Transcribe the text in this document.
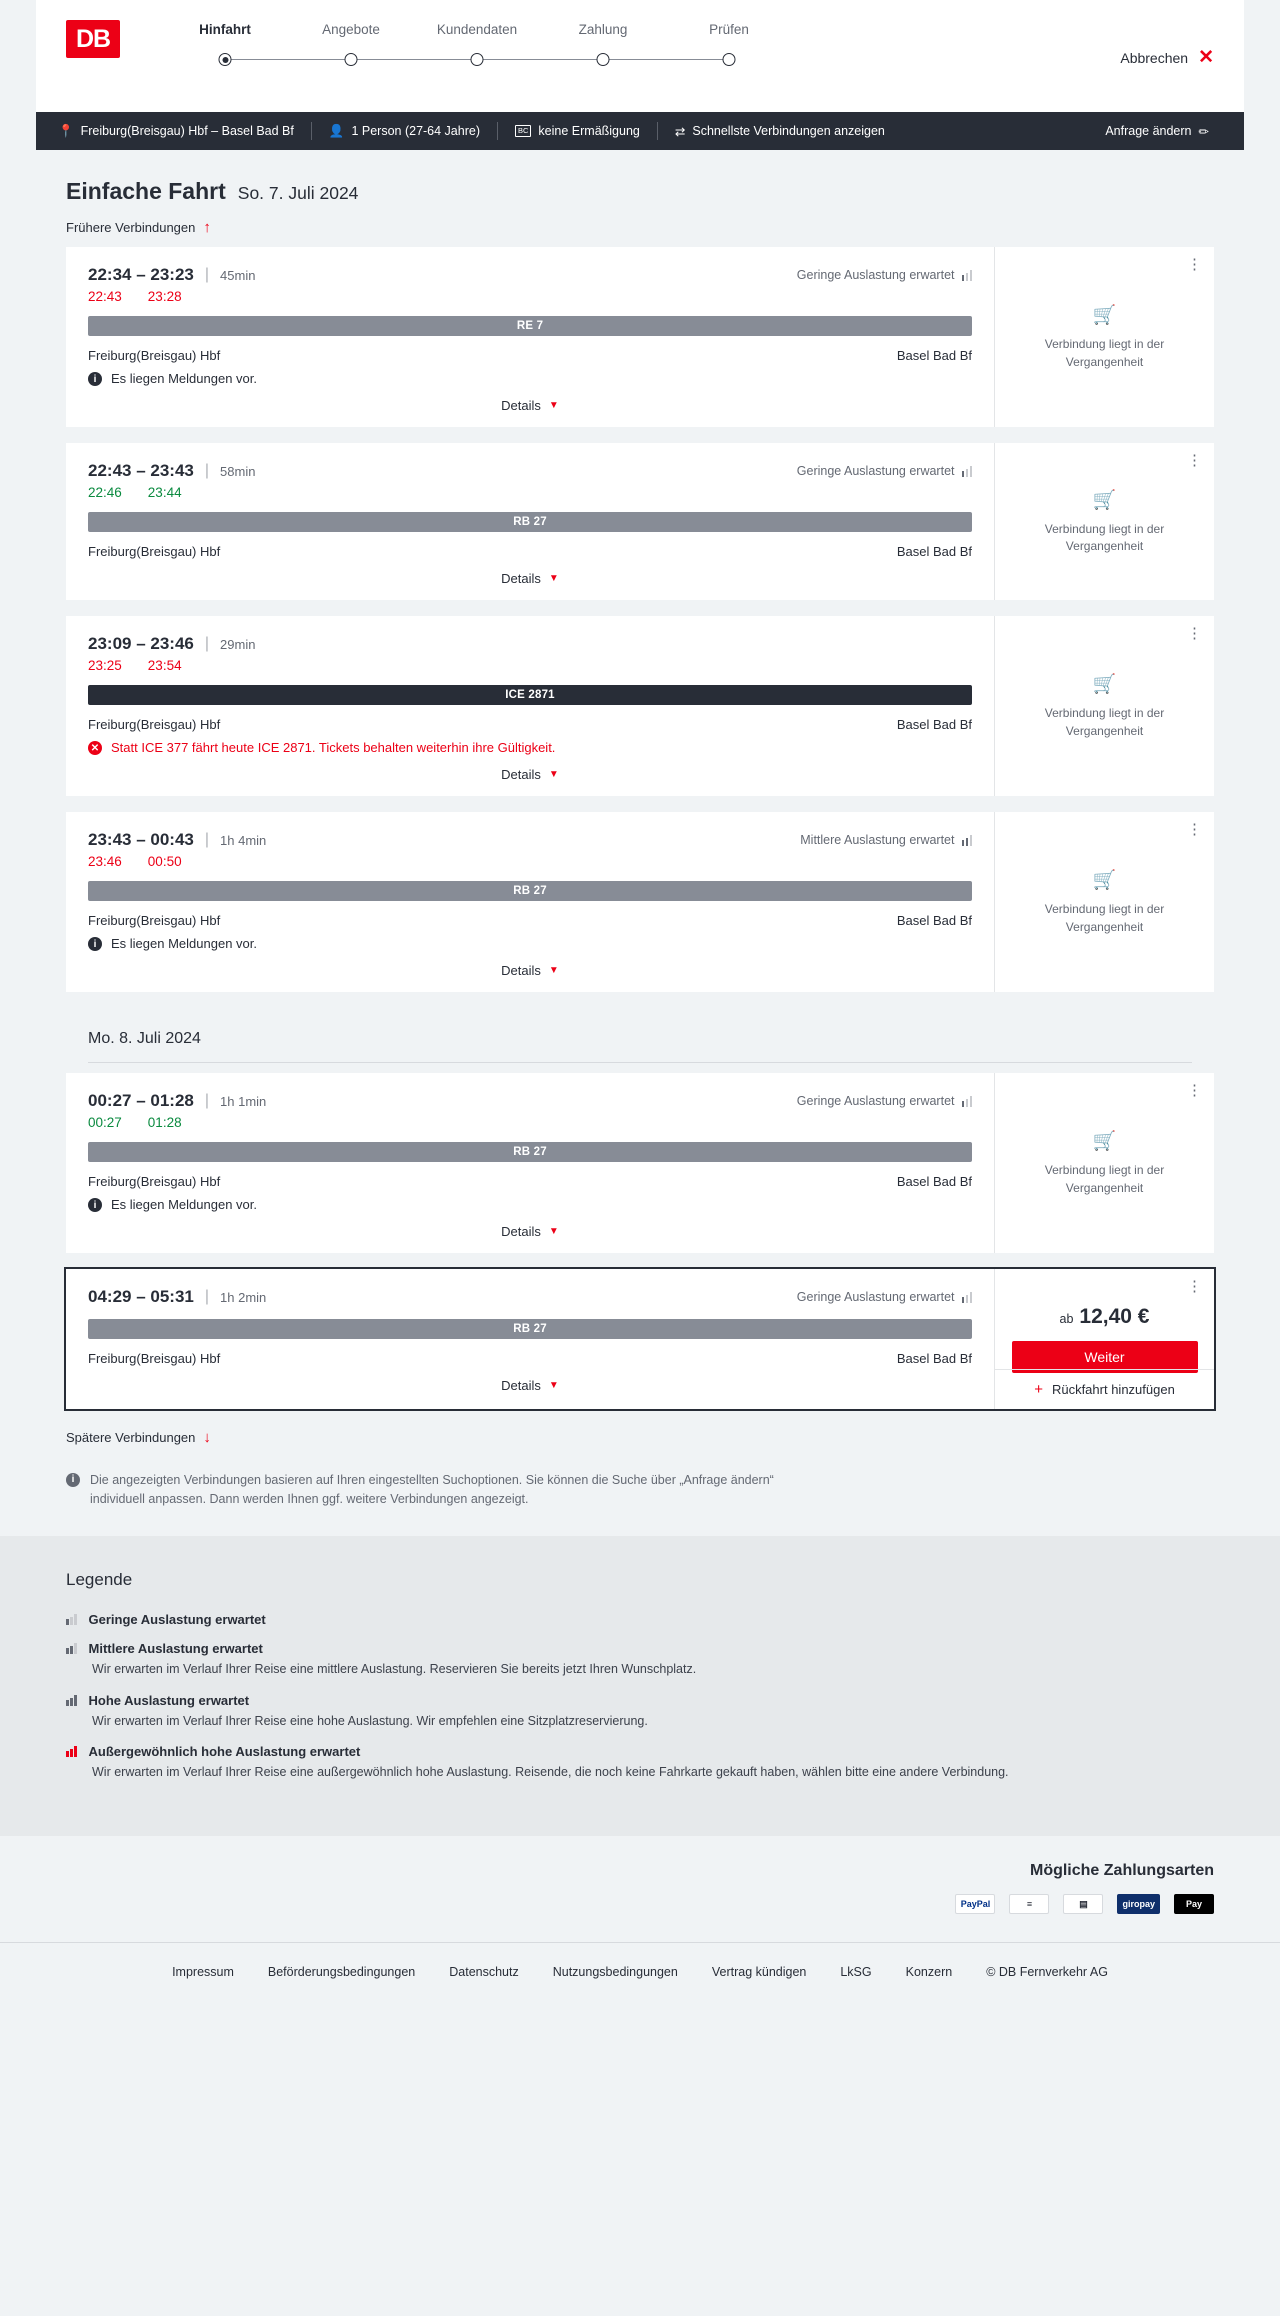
DB	Hinfahrt	Angebote	Kundendaten	Zahlung	Prüfen
Abbrechen ✕
📍 Freiburg(Breisgau) Hbf – Basel Bad Bf	👤 1 Person (27-64 Jahre)	BC keine Ermäßigung	⇄ Schnellste Verbindungen anzeigen	Anfrage ändern ✏
Einfache Fahrt So. 7. Juli 2024
Frühere Verbindungen ↑
22:34 – 23:23 | 45min	Geringe Auslastung erwartet
22:43 23:28
RE 7
Freiburg(Breisgau) Hbf	Basel Bad Bf
i	Es liegen Meldungen vor.
Details ▼
⋮
🛒
Verbindung liegt in der Vergangenheit
22:43 – 23:43 | 58min	Geringe Auslastung erwartet
22:46 23:44
RB 27
Freiburg(Breisgau) Hbf	Basel Bad Bf
Details ▼
⋮
🛒
Verbindung liegt in der Vergangenheit
23:09 – 23:46 | 29min
23:25 23:54
ICE 2871
Freiburg(Breisgau) Hbf	Basel Bad Bf
✕ Statt ICE 377 fährt heute ICE 2871. Tickets behalten weiterhin ihre Gültigkeit.
Details ▼
⋮
🛒
Verbindung liegt in der Vergangenheit
23:43 – 00:43 | 1h 4min	Mittlere Auslastung erwartet
23:46 00:50
RB 27
Freiburg(Breisgau) Hbf	Basel Bad Bf
i	Es liegen Meldungen vor.
Details ▼
⋮
🛒
Verbindung liegt in der Vergangenheit
Mo. 8. Juli 2024
00:27 – 01:28 | 1h 1min	Geringe Auslastung erwartet
00:27 01:28
RB 27
Freiburg(Breisgau) Hbf	Basel Bad Bf
i	Es liegen Meldungen vor.
Details ▼
⋮
🛒
Verbindung liegt in der Vergangenheit
04:29 – 05:31 | 1h 2min	Geringe Auslastung erwartet
RB 27
Freiburg(Breisgau) Hbf	Basel Bad Bf
Details ▼
⋮
ab 12,40 €
Weiter
+ Rückfahrt hinzufügen
Spätere Verbindungen ↓
i	Die angezeigten Verbindungen basieren auf Ihren eingestellten Suchoptionen. Sie können die Suche über „Anfrage ändern“ individuell anpassen. Dann werden Ihnen ggf. weitere Verbindungen angezeigt.
Legende
Geringe Auslastung erwartet
Mittlere Auslastung erwartet
Wir erwarten im Verlauf Ihrer Reise eine mittlere Auslastung. Reservieren Sie bereits jetzt Ihren Wunschplatz.
Hohe Auslastung erwartet
Wir erwarten im Verlauf Ihrer Reise eine hohe Auslastung. Wir empfehlen eine Sitzplatzreservierung.
Außergewöhnlich hohe Auslastung erwartet
Wir erwarten im Verlauf Ihrer Reise eine außergewöhnlich hohe Auslastung. Reisende, die noch keine Fahrkarte gekauft haben, wählen bitte eine andere Verbindung.
Mögliche Zahlungsarten
PayPal	≡	▤	giropay	Pay
Impressum	Beförderungsbedingungen	Datenschutz	Nutzungsbedingungen	Vertrag kündigen	LkSG	Konzern	© DB Fernverkehr AG
